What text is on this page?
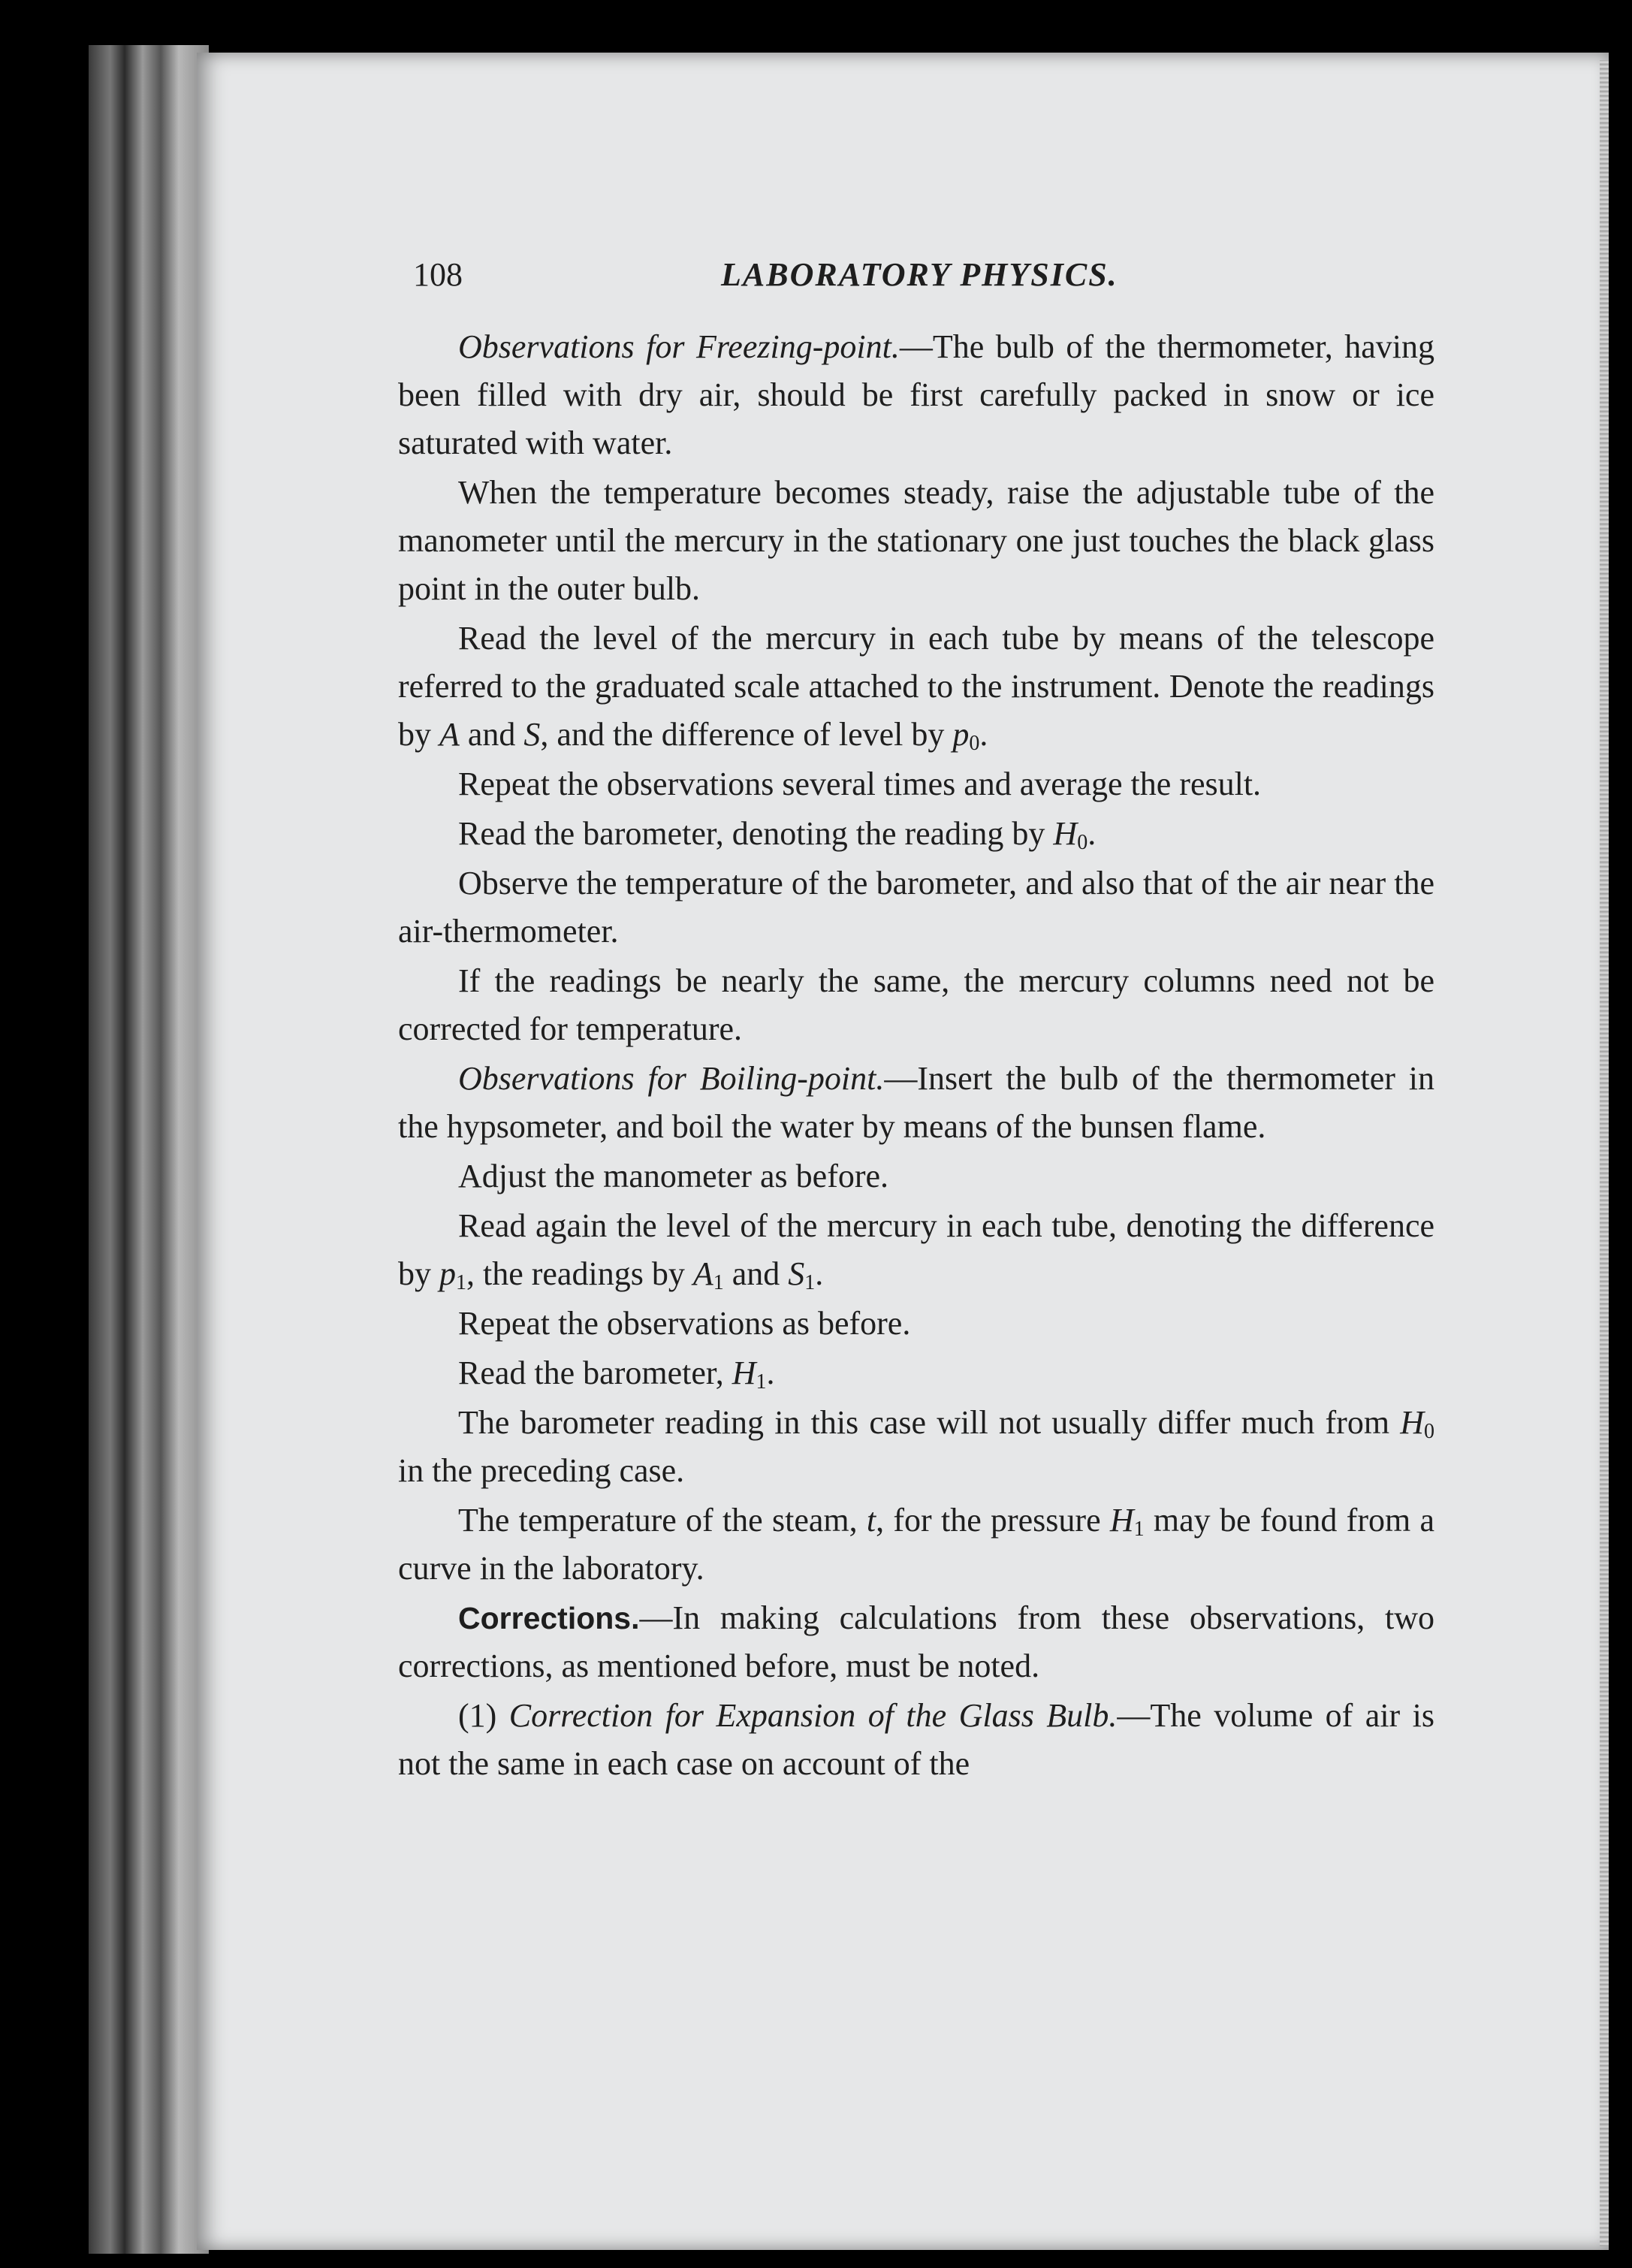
108	LABORATORY PHYSICS.

Observations for Freezing-point.—The bulb of the thermometer, having been filled with dry air, should be first carefully packed in snow or ice saturated with water.

When the temperature becomes steady, raise the adjustable tube of the manometer until the mercury in the stationary one just touches the black glass point in the outer bulb.

Read the level of the mercury in each tube by means of the telescope referred to the graduated scale attached to the instrument. Denote the readings by A and S, and the difference of level by $p_0$.

Repeat the observations several times and average the result.

Read the barometer, denoting the reading by $H_0$.

Observe the temperature of the barometer, and also that of the air near the air-thermometer.

If the readings be nearly the same, the mercury columns need not be corrected for temperature.

Observations for Boiling-point.—Insert the bulb of the thermometer in the hypsometer, and boil the water by means of the bunsen flame.

Adjust the manometer as before.

Read again the level of the mercury in each tube, denoting the difference by $p_1$, the readings by $A_1$ and $S_1$.

Repeat the observations as before.

Read the barometer, $H_1$.

The barometer reading in this case will not usually differ much from $H_0$ in the preceding case.

The temperature of the steam, t, for the pressure $H_1$ may be found from a curve in the laboratory.

Corrections.—In making calculations from these observations, two corrections, as mentioned before, must be noted.

(1) Correction for Expansion of the Glass Bulb.—The volume of air is not the same in each case on account of the
